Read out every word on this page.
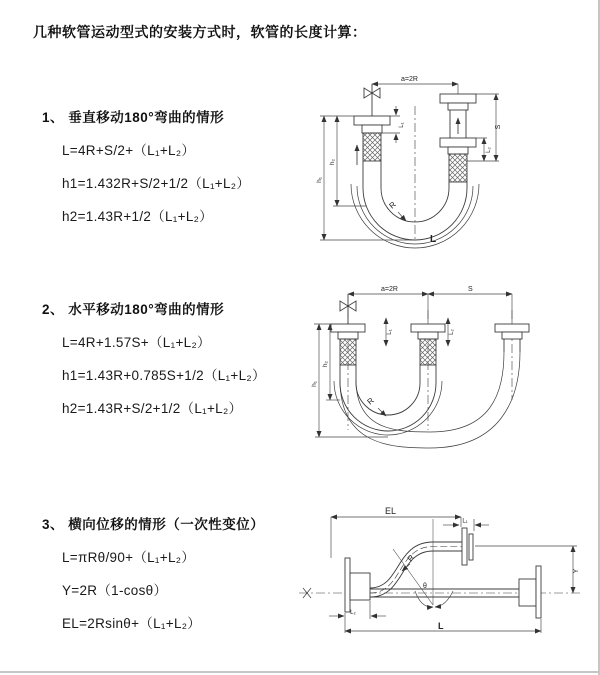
几种软管运动型式的安装方式时，软管的长度计算：
1、 垂直移动180°弯曲的情形
L=4R+S/2+（L₁+L₂）
h1=1.432R+S/2+1/2（L₁+L₂）
h2=1.43R+1/2（L₁+L₂）
2、 水平移动180°弯曲的情形
L=4R+1.57S+（L₁+L₂）
h1=1.43R+0.785S+1/2（L₁+L₂）
h2=1.43R+S/2+1/2（L₁+L₂）
3、 横向位移的情形（一次性变位）
L=πRθ/90+（L₁+L₂）
Y=2R（1-cosθ）
EL=2Rsinθ+（L₁+L₂）
a=2R
S
L₁
L₂
h₂
h₁
R
L
a=2R	S
h₂
h₁
L₁	L₂
R
EL
L₁
Y
R
θ
L
L₂
